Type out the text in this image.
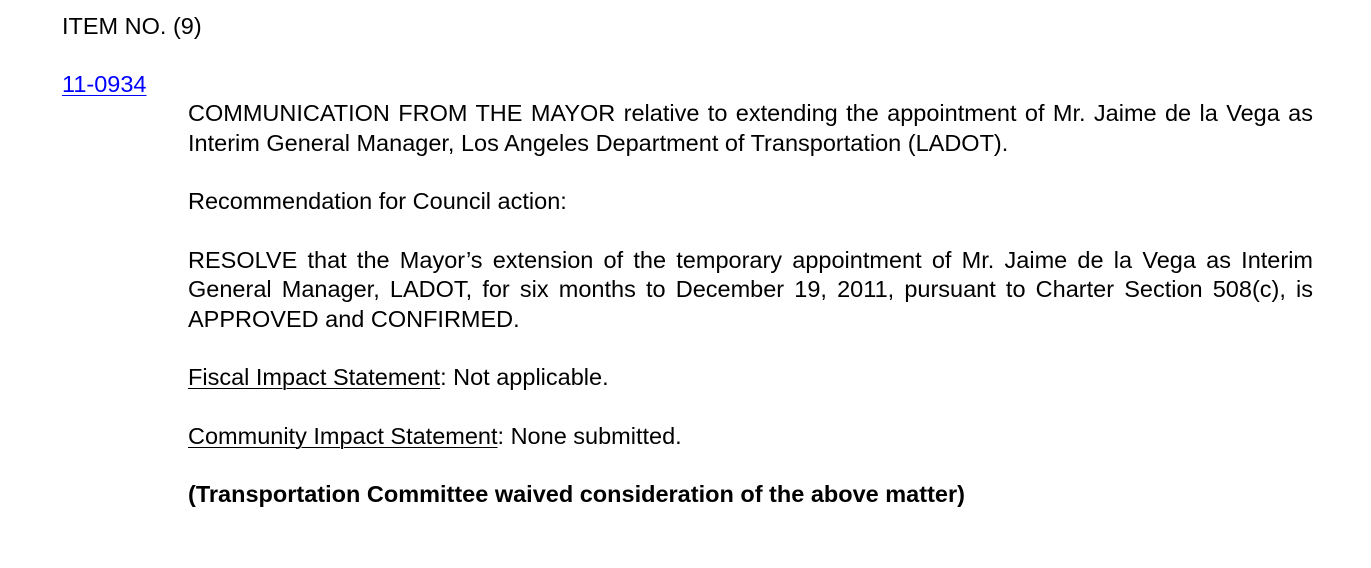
ITEM NO. (9)
11-0934

COMMUNICATION FROM THE MAYOR relative to extending the appointment of Mr. Jaime de la Vega as Interim General Manager, Los Angeles Department of Transportation (LADOT).

Recommendation for Council action:

RESOLVE that the Mayor’s extension of the temporary appointment of Mr. Jaime de la Vega as Interim General Manager, LADOT, for six months to December 19, 2011, pursuant to Charter Section 508(c), is APPROVED and CONFIRMED.

Fiscal Impact Statement: Not applicable.

Community Impact Statement: None submitted.

(Transportation Committee waived consideration of the above matter)
